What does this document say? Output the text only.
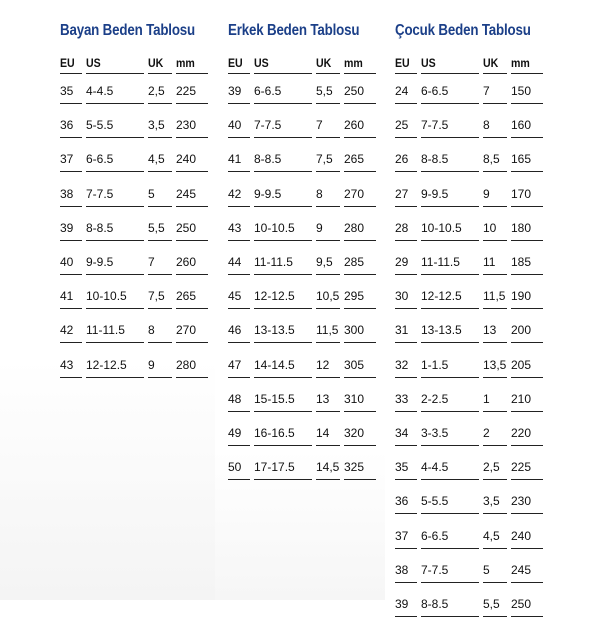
Bayan Beden Tablosu
EU US	UK mm
35 4-4.5	2,5 225
36 5-5.5	3,5 230
37 6-6.5	4,5 240
38 7-7.5	5 245
39 8-8.5	5,5 250
40 9-9.5	7 260
41 10-10.5 7,5 265
42 11-11.5 8 270
43 12-12.5 9 280
Erkek Beden Tablosu
EU US	UK mm
39 6-6.5	5,5 250
40 7-7.5	7 260
41 8-8.5	7,5 265
42 9-9.5	8 270
43 10-10.5 9 280
44 11-11.5 9,5 285
45 12-12.5 10,5 295
46 13-13.5 11,5 300
47 14-14.5 12 305
48 15-15.5 13 310
49 16-16.5 14 320
50 17-17.5 14,5 325
Çocuk Beden Tablosu
EU US	UK mm
24 6-6.5	7 150
25 7-7.5	8 160
26 8-8.5	8,5 165
27 9-9.5	9 170
28 10-10.5 10 180
29 11-11.5 11 185
30 12-12.5 11,5 190
31 13-13.5 13 200
32 1-1.5	13,5 205
33 2-2.5	1 210
34 3-3.5	2 220
35 4-4.5	2,5 225
36 5-5.5	3,5 230
37 6-6.5	4,5 240
38 7-7.5	5 245
39 8-8.5	5,5 250
